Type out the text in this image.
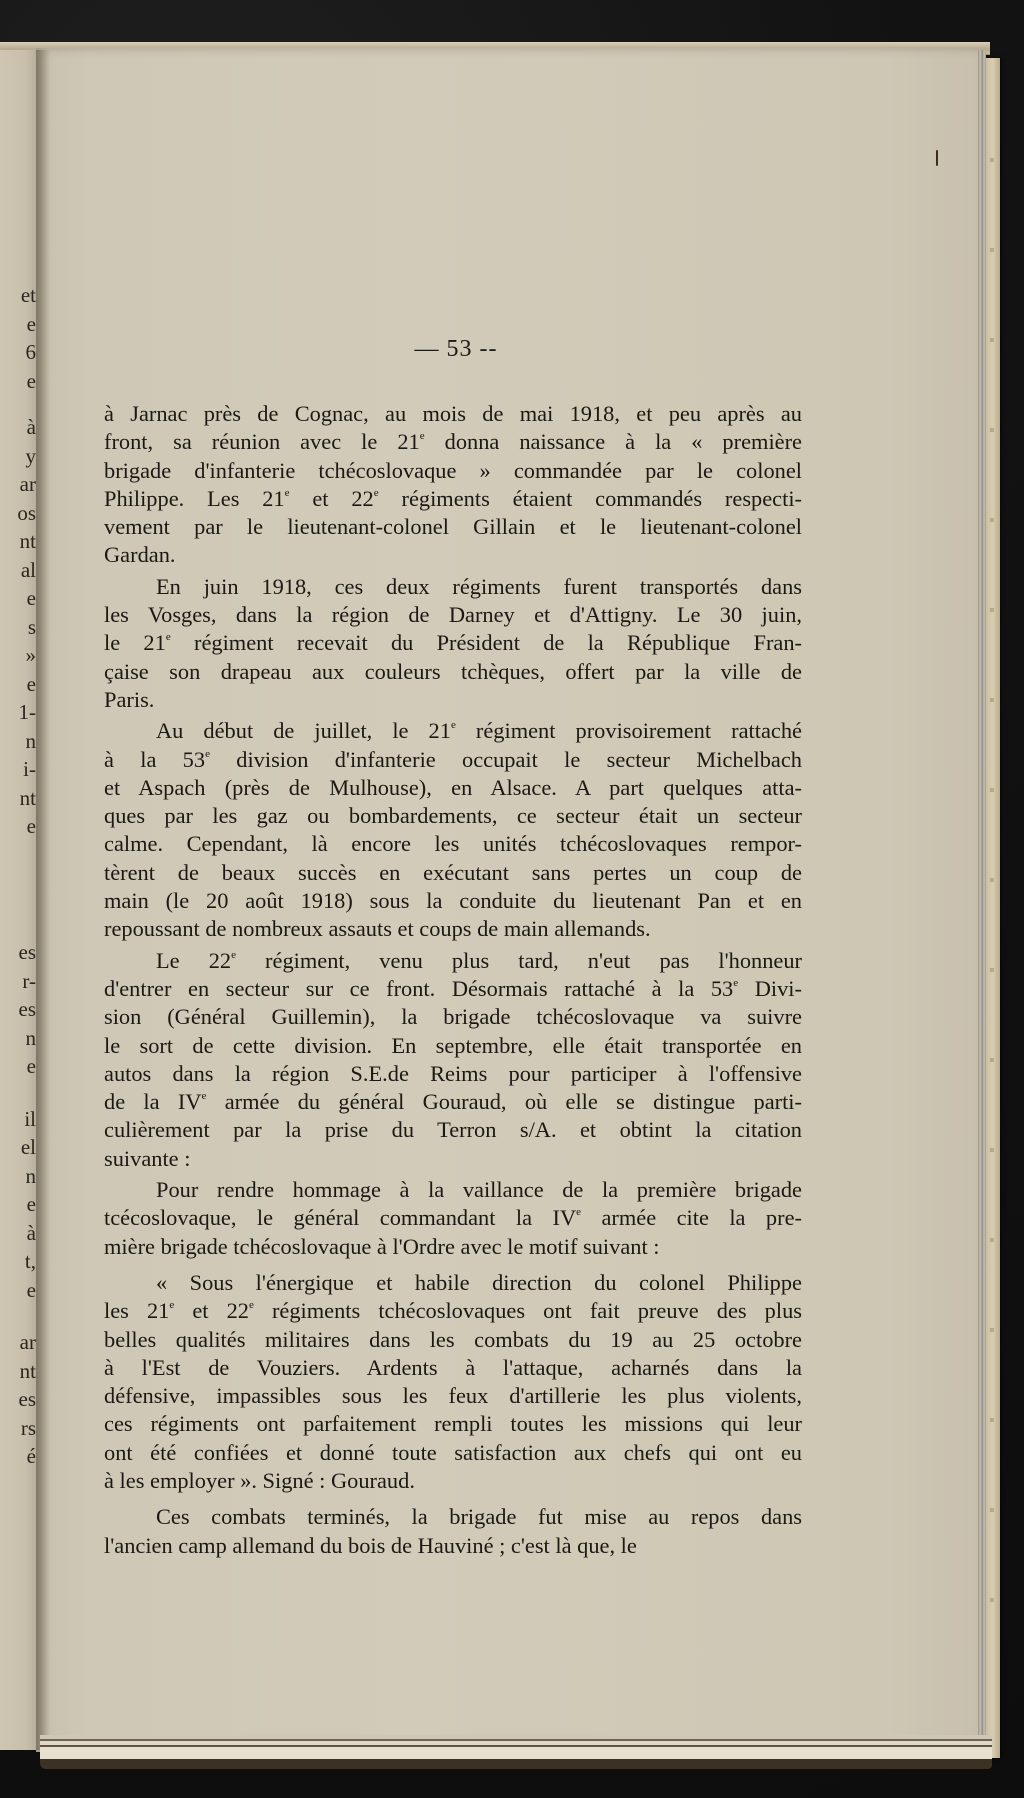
et
e
6
e
à
y
ar
os
nt
al
e
s
»
e
1-
n
i-
nt
e
es
r-
es
n
e
il
el
n
e
à
t,
e
ar
nt
es
rs
é
— 53 --
à Jarnac près de Cognac, au mois de mai 1918, et peu après au
front, sa réunion avec le 21e donna naissance à la « première
brigade d'infanterie tchécoslovaque » commandée par le colonel
Philippe. Les 21e et 22e régiments étaient commandés respecti-
vement par le lieutenant-colonel Gillain et le lieutenant-colonel
Gardan.
En juin 1918, ces deux régiments furent transportés dans
les Vosges, dans la région de Darney et d'Attigny. Le 30 juin,
le 21e régiment recevait du Président de la République Fran-
çaise son drapeau aux couleurs tchèques, offert par la ville de
Paris.
Au début de juillet, le 21e régiment provisoirement rattaché
à la 53e division d'infanterie occupait le secteur Michelbach
et Aspach (près de Mulhouse), en Alsace. A part quelques atta-
ques par les gaz ou bombardements, ce secteur était un secteur
calme. Cependant, là encore les unités tchécoslovaques rempor-
tèrent de beaux succès en exécutant sans pertes un coup de
main (le 20 août 1918) sous la conduite du lieutenant Pan et en
repoussant de nombreux assauts et coups de main allemands.
Le 22e régiment, venu plus tard, n'eut pas l'honneur
d'entrer en secteur sur ce front. Désormais rattaché à la 53e Divi-
sion (Général Guillemin), la brigade tchécoslovaque va suivre
le sort de cette division. En septembre, elle était transportée en
autos dans la région S.E.de Reims pour participer à l'offensive
de la IVe armée du général Gouraud, où elle se distingue parti-
culièrement par la prise du Terron s/A. et obtint la citation
suivante :
Pour rendre hommage à la vaillance de la première brigade
tcécoslovaque, le général commandant la IVe armée cite la pre-
mière brigade tchécoslovaque à l'Ordre avec le motif suivant :
« Sous l'énergique et habile direction du colonel Philippe
les 21e et 22e régiments tchécoslovaques ont fait preuve des plus
belles qualités militaires dans les combats du 19 au 25 octobre
à l'Est de Vouziers. Ardents à l'attaque, acharnés dans la
défensive, impassibles sous les feux d'artillerie les plus violents,
ces régiments ont parfaitement rempli toutes les missions qui leur
ont été confiées et donné toute satisfaction aux chefs qui ont eu
à les employer ». Signé : Gouraud.
Ces combats terminés, la brigade fut mise au repos dans
l'ancien camp allemand du bois de Hauviné ; c'est là que, le
